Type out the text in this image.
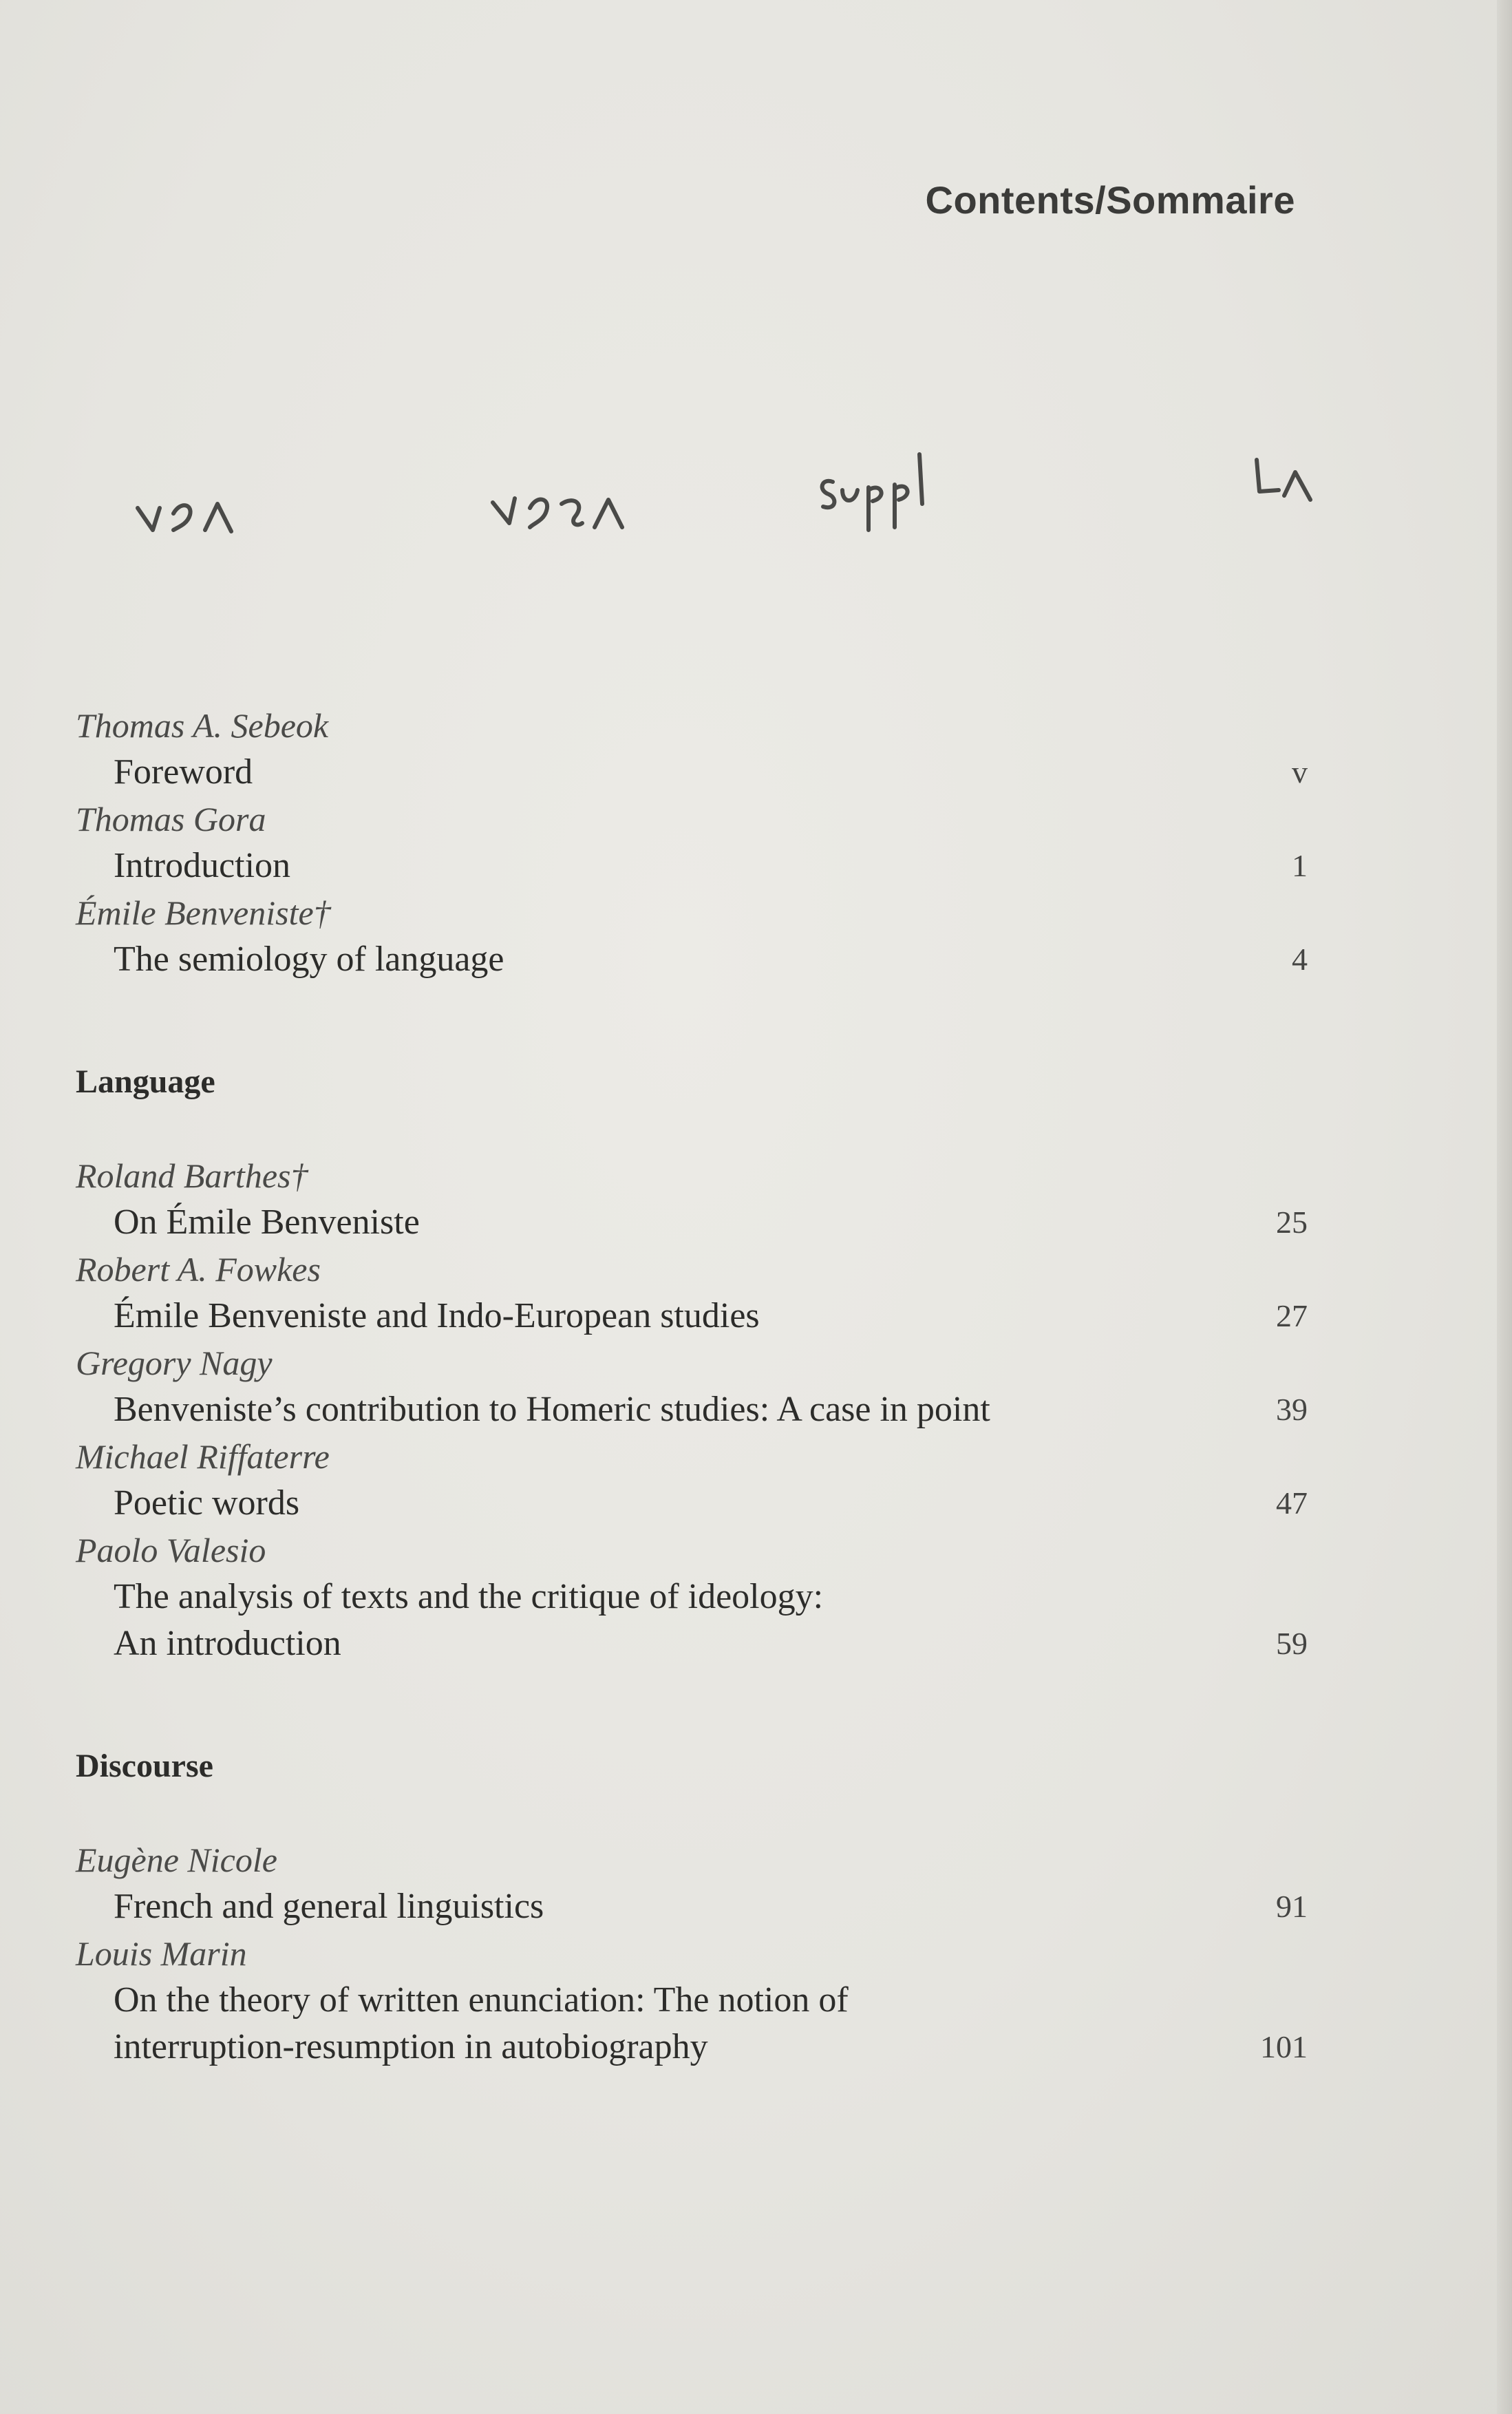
Contents/Sommaire
Thomas A. Sebeok
Foreword	v
Thomas Gora
Introduction	1
Émile Benveniste†
The semiology of language	4
Language
Roland Barthes†
On Émile Benveniste	25
Robert A. Fowkes
Émile Benveniste and Indo-European studies	27
Gregory Nagy
Benveniste’s contribution to Homeric studies: A case in point	39
Michael Riffaterre
Poetic words	47
Paolo Valesio
The analysis of texts and the critique of ideology:
An introduction	59
Discourse
Eugène Nicole
French and general linguistics	91
Louis Marin
On the theory of written enunciation: The notion of
interruption-resumption in autobiography	101
